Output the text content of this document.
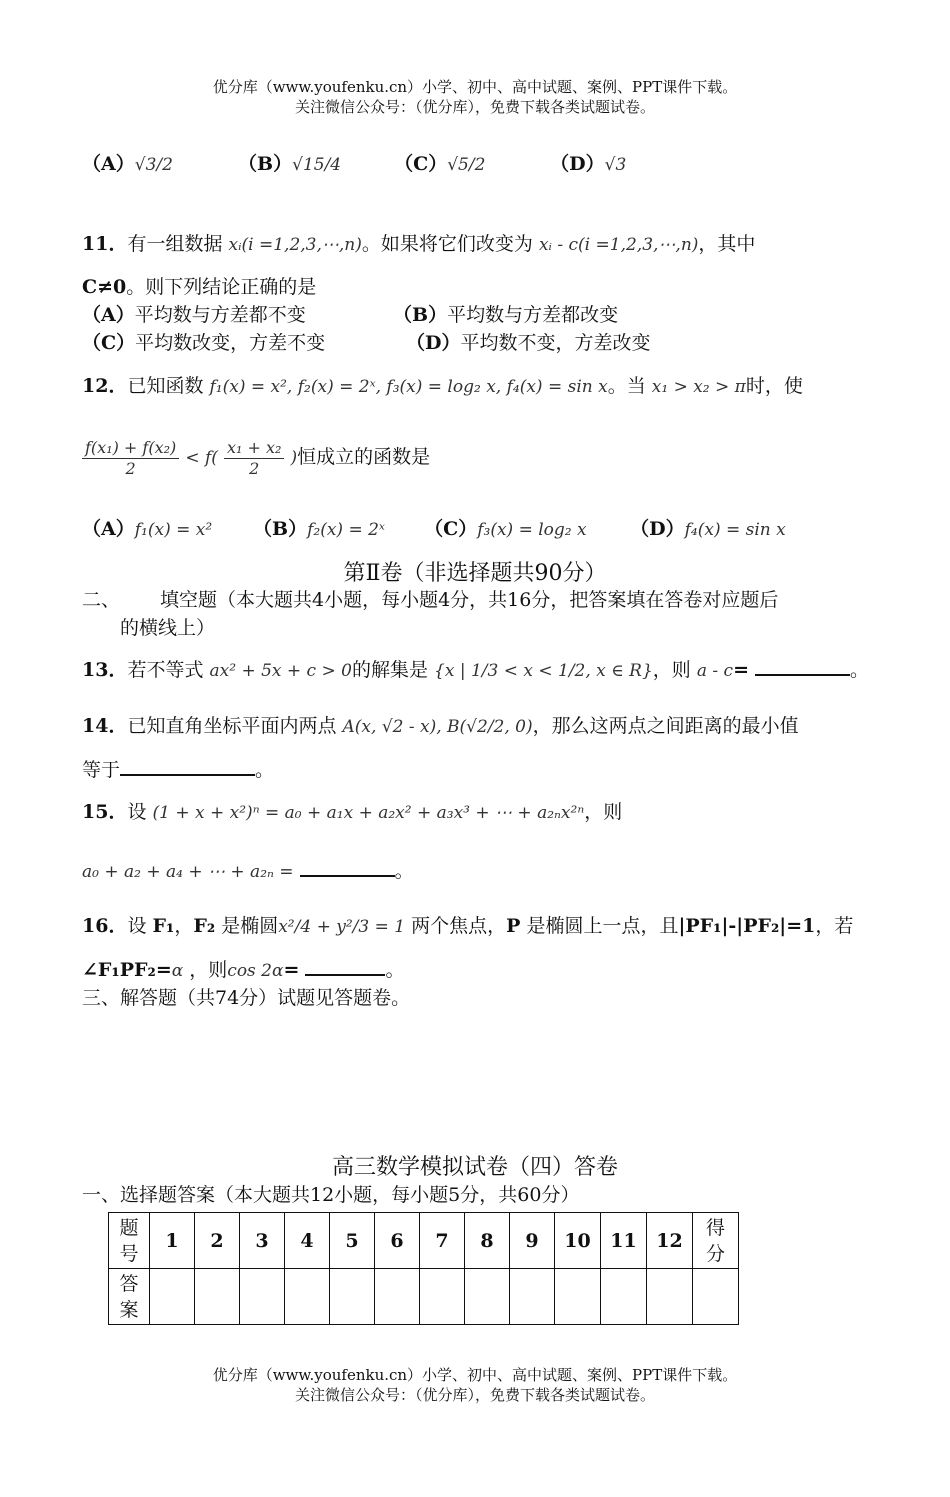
优分库（www.youfenku.cn）小学、初中、高中试题、案例、PPT课件下载。
关注微信公众号：（优分库），免费下载各类试题试卷。
（A）√3/2	（B）√15/4	（C）√5/2	（D）√3
11．有一组数据 xᵢ(i =1,2,3,⋯,n)。如果将它们改变为 xᵢ - c(i =1,2,3,⋯,n)，其中
C≠0。则下列结论正确的是
（A）平均数与方差都不变	（B）平均数与方差都改变
（C）平均数改变，方差不变	（D）平均数不变，方差改变
12．已知函数 f₁(x) = x², f₂(x) = 2ˣ, f₃(x) = log₂ x, f₄(x) = sin x。当 x₁ > x₂ > π时，使
$\frac{\text{f(x₁) + f(x₂)}}{2} < f( \frac{\text{x₁ + x₂}}{2}$ )恒成立的函数是
（A）f₁(x) = x² （B）f₂(x) = 2ˣ （C）f₃(x) = log₂ x （D）f₄(x) = sin x
第Ⅱ卷（非选择题共90分）
二、 填空题（本大题共4小题，每小题4分，共16分，把答案填在答卷对应题后
的横线上）
13．若不等式 ax² + 5x + c > 0的解集是 {x | 1/3 < x < 1/2, x ∈ R}，则 a - c=	。
14．已知直角坐标平面内两点 A(x, √2 - x), B(√2/2, 0)，那么这两点之间距离的最小值
等于	。
15．设 (1 + x + x²)ⁿ = a₀ + a₁x + a₂x² + a₃x³ + ⋯ + a₂ₙx²ⁿ，则
a₀ + a₂ + a₄ + ⋯ + a₂ₙ =	。
16．设 F₁，F₂ 是椭圆x²/4 + y²/3 = 1 两个焦点，P 是椭圆上一点，且|PF₁|-|PF₂|=1，若
∠F₁PF₂=α ，则cos 2α=	。
三、解答题（共74分）试题见答题卷。
高三数学模拟试卷（四）答卷
一、选择题答案（本大题共12小题，每小题5分，共60分）
题号	1	2	3	4	5	6	7	8	9	10	11	12	得分
答案													
优分库（www.youfenku.cn）小学、初中、高中试题、案例、PPT课件下载。
关注微信公众号：（优分库），免费下载各类试题试卷。
